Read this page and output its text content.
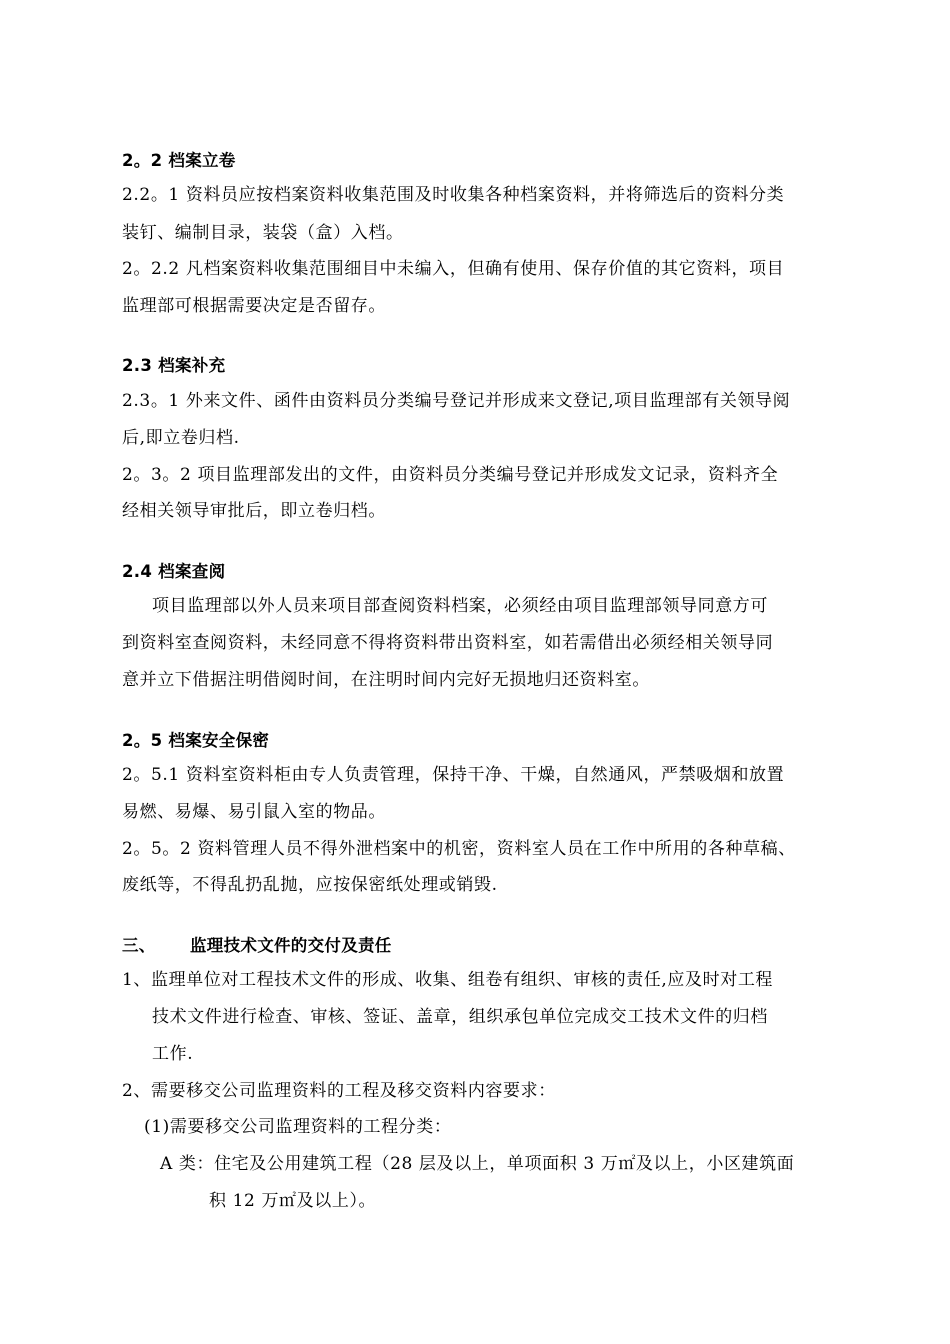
2。2 档案立卷
2.2。1 资料员应按档案资料收集范围及时收集各种档案资料，并将筛选后的资料分类
装钉、编制目录，装袋（盒）入档。
2。2.2 凡档案资料收集范围细目中未编入，但确有使用、保存价值的其它资料，项目
监理部可根据需要决定是否留存。
2.3 档案补充
2.3。1 外来文件、函件由资料员分类编号登记并形成来文登记,项目监理部有关领导阅
后,即立卷归档.
2。3。2 项目监理部发出的文件，由资料员分类编号登记并形成发文记录，资料齐全
经相关领导审批后，即立卷归档。
2.4 档案查阅
项目监理部以外人员来项目部查阅资料档案，必须经由项目监理部领导同意方可
到资料室查阅资料，未经同意不得将资料带出资料室，如若需借出必须经相关领导同
意并立下借据注明借阅时间，在注明时间内完好无损地归还资料室。
2。5 档案安全保密
2。5.1 资料室资料柜由专人负责管理，保持干净、干燥，自然通风，严禁吸烟和放置
易燃、易爆、易引鼠入室的物品。
2。5。2 资料管理人员不得外泄档案中的机密，资料室人员在工作中所用的各种草稿、
废纸等，不得乱扔乱抛，应按保密纸处理或销毁.
三、 监理技术文件的交付及责任
1、监理单位对工程技术文件的形成、收集、组卷有组织、审核的责任,应及时对工程
技术文件进行检查、审核、签证、盖章，组织承包单位完成交工技术文件的归档
工作.
2、需要移交公司监理资料的工程及移交资料内容要求：
(1)需要移交公司监理资料的工程分类：
A 类：住宅及公用建筑工程（28 层及以上，单项面积 3 万㎡及以上，小区建筑面
积 12 万㎡及以上）。
